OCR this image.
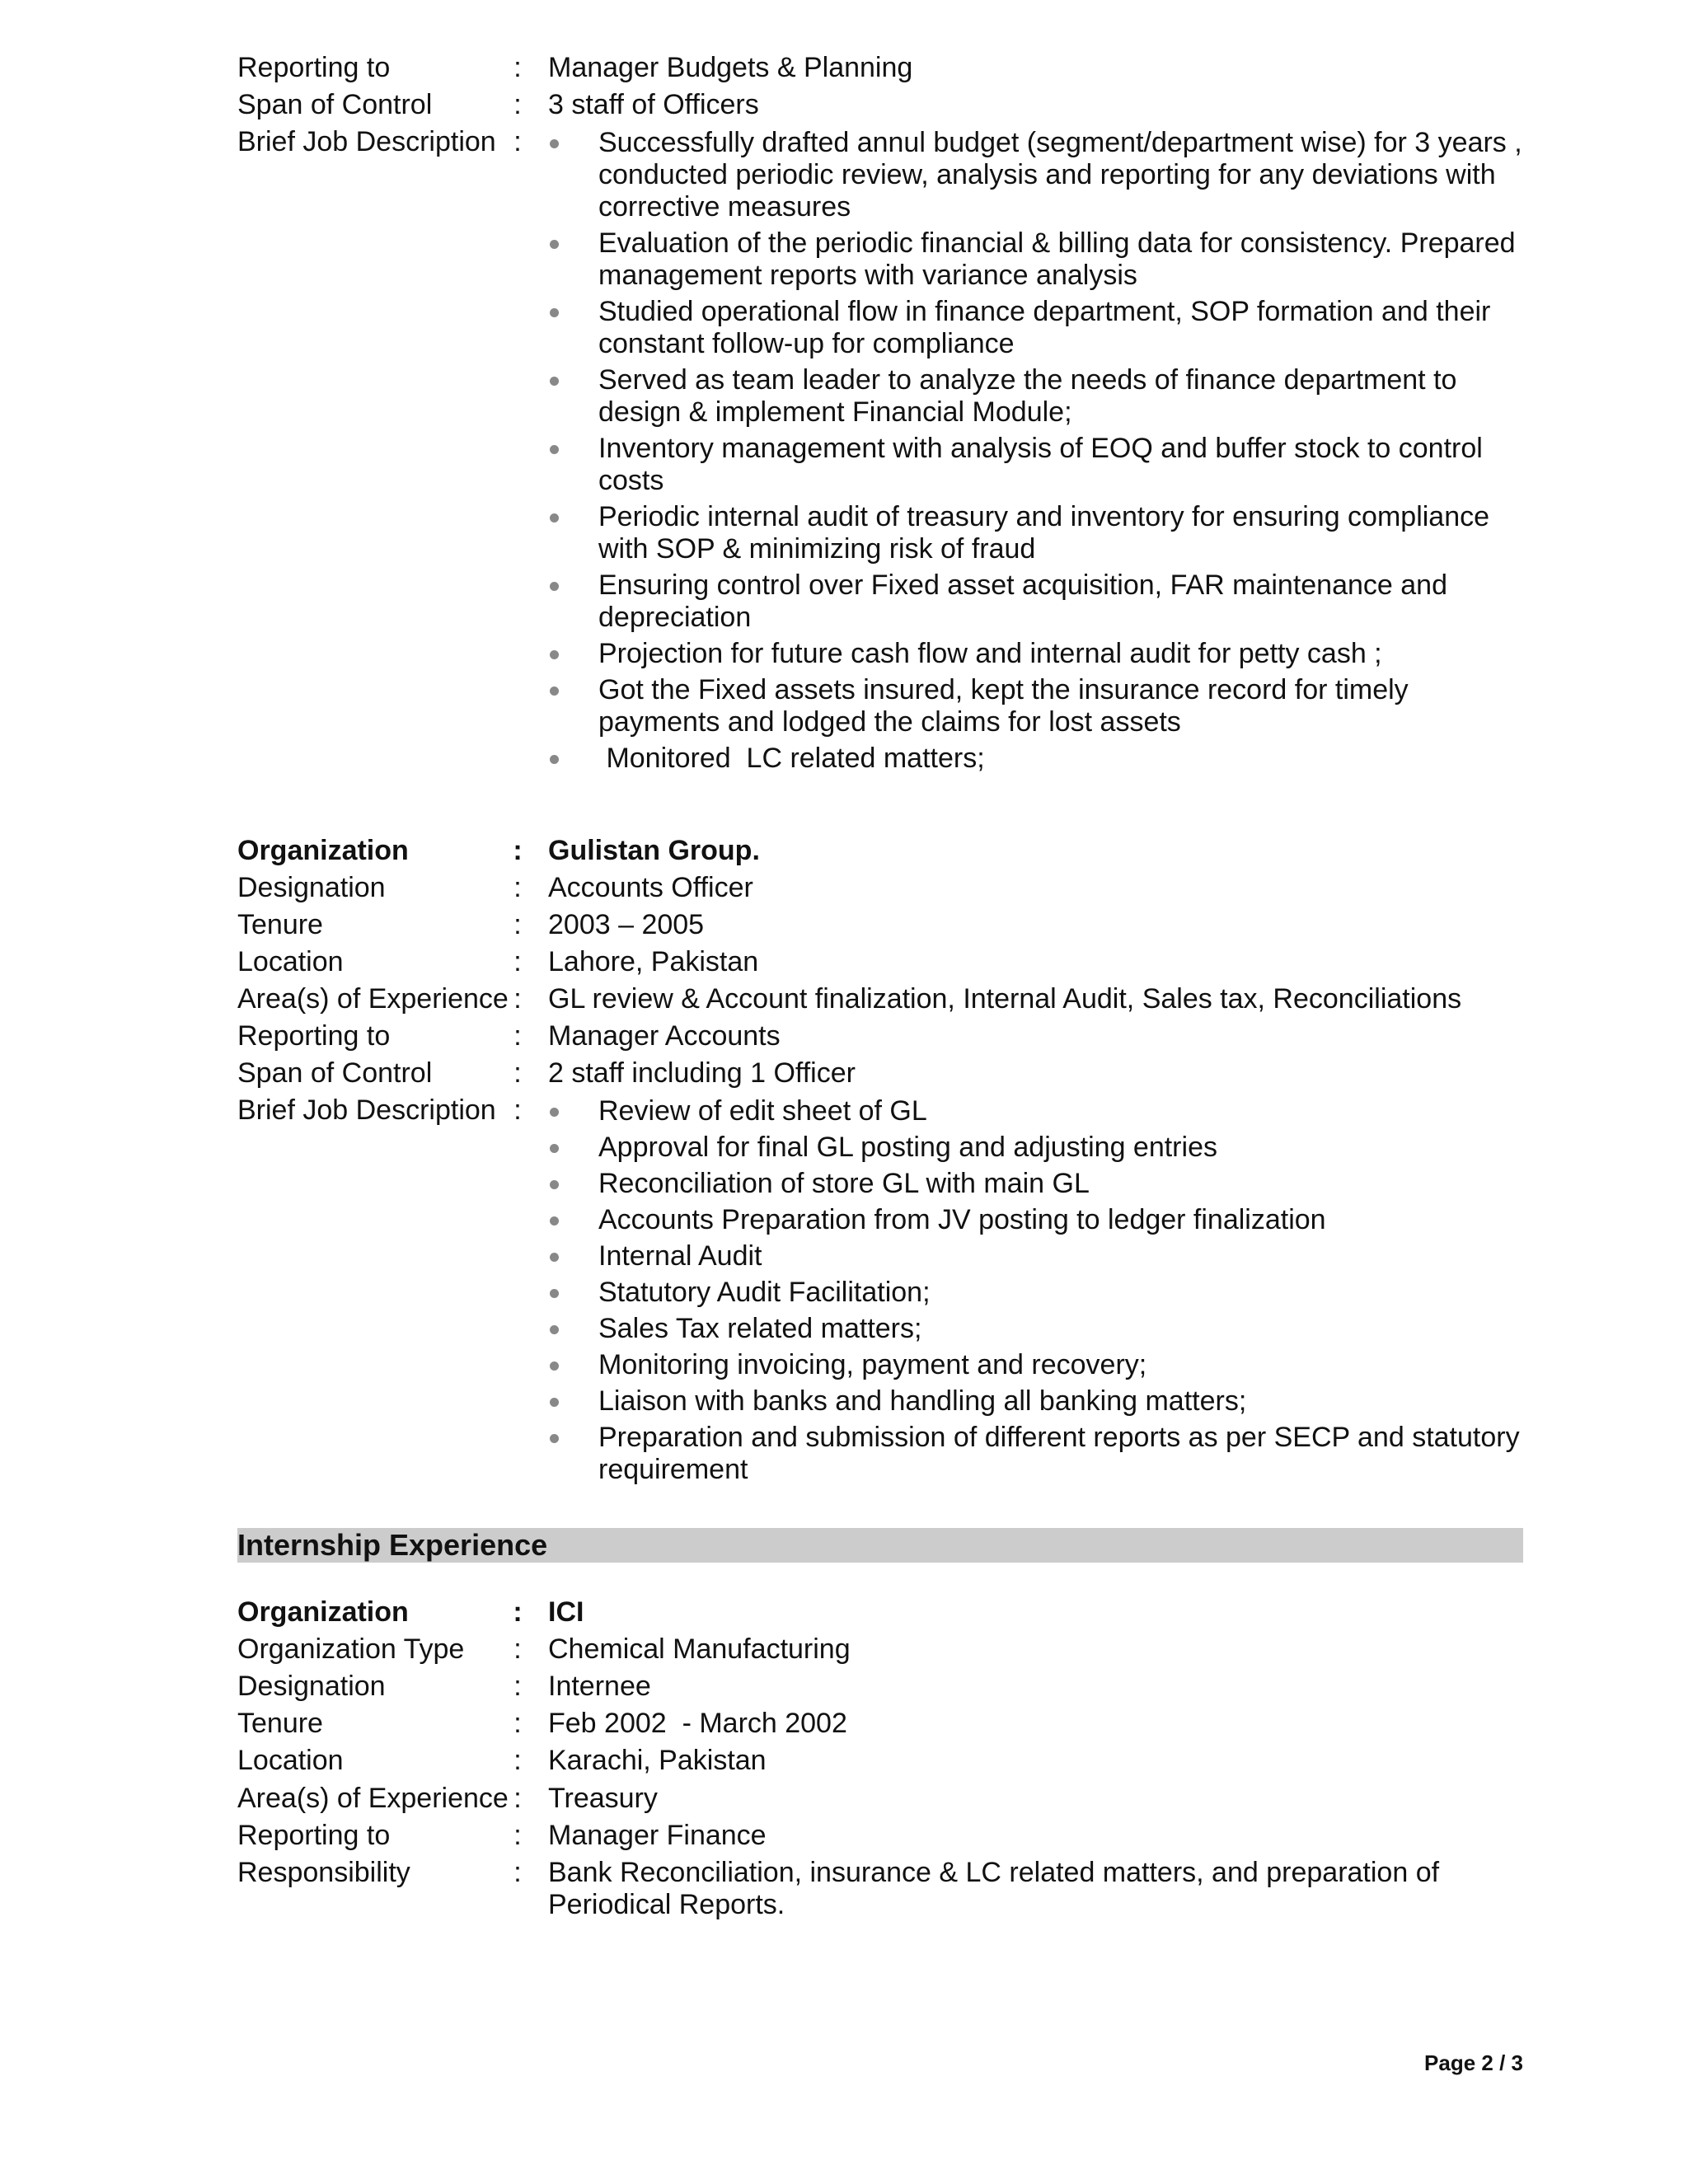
Reporting to	: Manager Budgets & Planning
Span of Control	: 3 staff of Officers
Brief Job Description :	Successfully drafted annul budget (segment/department wise) for 3 years , conducted periodic review, analysis and reporting for any deviations with corrective measures
Evaluation of the periodic financial & billing data for consistency. Prepared management reports with variance analysis
Studied operational flow in finance department, SOP formation and their constant follow-up for compliance
Served as team leader to analyze the needs of finance department to design & implement Financial Module;
Inventory management with analysis of EOQ and buffer stock to control costs
Periodic internal audit of treasury and inventory for ensuring compliance with SOP & minimizing risk of fraud
Ensuring control over Fixed asset acquisition, FAR maintenance and depreciation
Projection for future cash flow and internal audit for petty cash ;
Got the Fixed assets insured, kept the insurance record for timely payments and lodged the claims for lost assets
Monitored  LC related matters;
Organization	: Gulistan Group.
Designation	: Accounts Officer
Tenure	: 2003 – 2005
Location	: Lahore, Pakistan
Area(s) of Experience : GL review & Account finalization, Internal Audit, Sales tax, Reconciliations
Reporting to	: Manager Accounts
Span of Control	: 2 staff including 1 Officer
Brief Job Description :	Review of edit sheet of GL
Approval for final GL posting and adjusting entries
Reconciliation of store GL with main GL
Accounts Preparation from JV posting to ledger finalization
Internal Audit
Statutory Audit Facilitation;
Sales Tax related matters;
Monitoring invoicing, payment and recovery;
Liaison with banks and handling all banking matters;
Preparation and submission of different reports as per SECP and statutory requirement
Internship Experience
Organization	: ICI
Organization Type : Chemical Manufacturing
Designation	: Internee
Tenure	: Feb 2002  - March 2002
Location	: Karachi, Pakistan
Area(s) of Experience : Treasury
Reporting to	: Manager Finance
Responsibility	: Bank Reconciliation, insurance & LC related matters, and preparation of Periodical Reports.
Page 2 / 3
